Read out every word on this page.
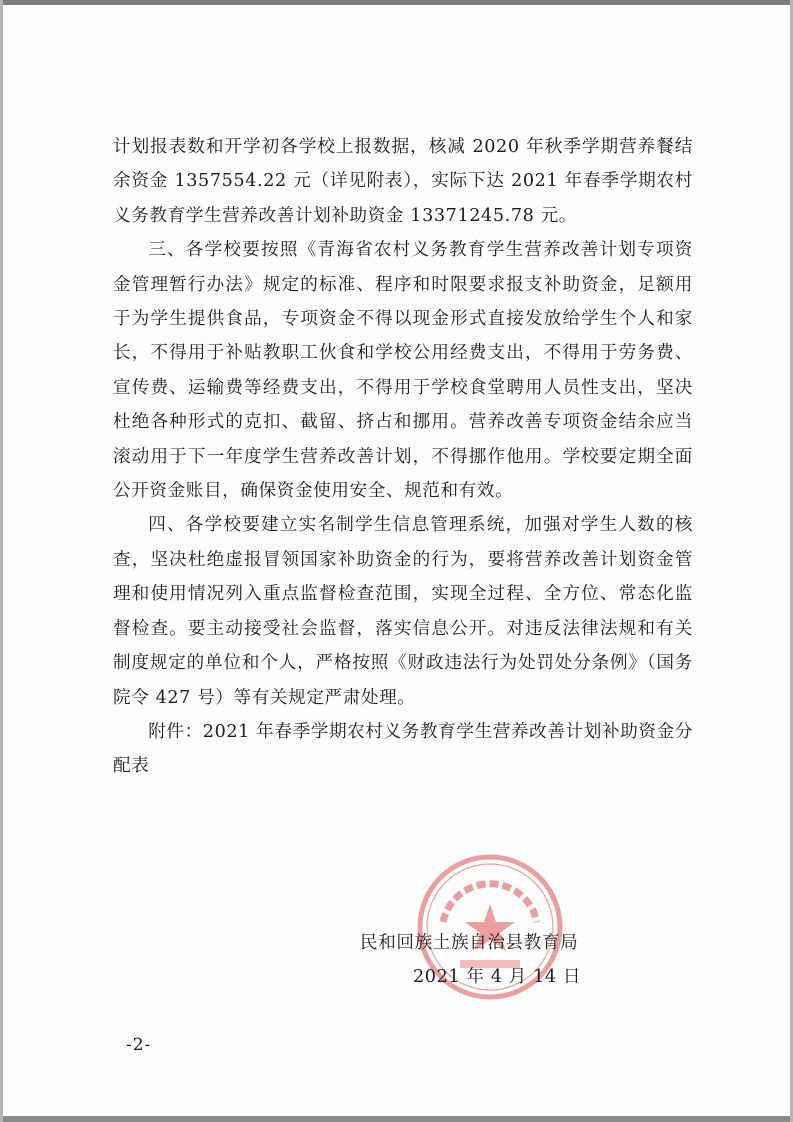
计划报表数和开学初各学校上报数据，核减 2020 年秋季学期营养餐结余资金 1357554.22 元（详见附表），实际下达 2021 年春季学期农村义务教育学生营养改善计划补助资金 13371245.78 元。

三、各学校要按照《青海省农村义务教育学生营养改善计划专项资金管理暂行办法》规定的标准、程序和时限要求报支补助资金，足额用于为学生提供食品，专项资金不得以现金形式直接发放给学生个人和家长，不得用于补贴教职工伙食和学校公用经费支出，不得用于劳务费、宣传费、运输费等经费支出，不得用于学校食堂聘用人员性支出，坚决杜绝各种形式的克扣、截留、挤占和挪用。营养改善专项资金结余应当滚动用于下一年度学生营养改善计划，不得挪作他用。学校要定期全面公开资金账目，确保资金使用安全、规范和有效。

四、各学校要建立实名制学生信息管理系统，加强对学生人数的核查，坚决杜绝虚报冒领国家补助资金的行为，要将营养改善计划资金管理和使用情况列入重点监督检查范围，实现全过程、全方位、常态化监督检查。要主动接受社会监督，落实信息公开。对违反法律法规和有关制度规定的单位和个人，严格按照《财政违法行为处罚处分条例》（国务院令 427 号）等有关规定严肃处理。

附件：2021 年春季学期农村义务教育学生营养改善计划补助资金分配表

民和回族土族自治县教育局

2021 年 4 月 14 日

-2-
